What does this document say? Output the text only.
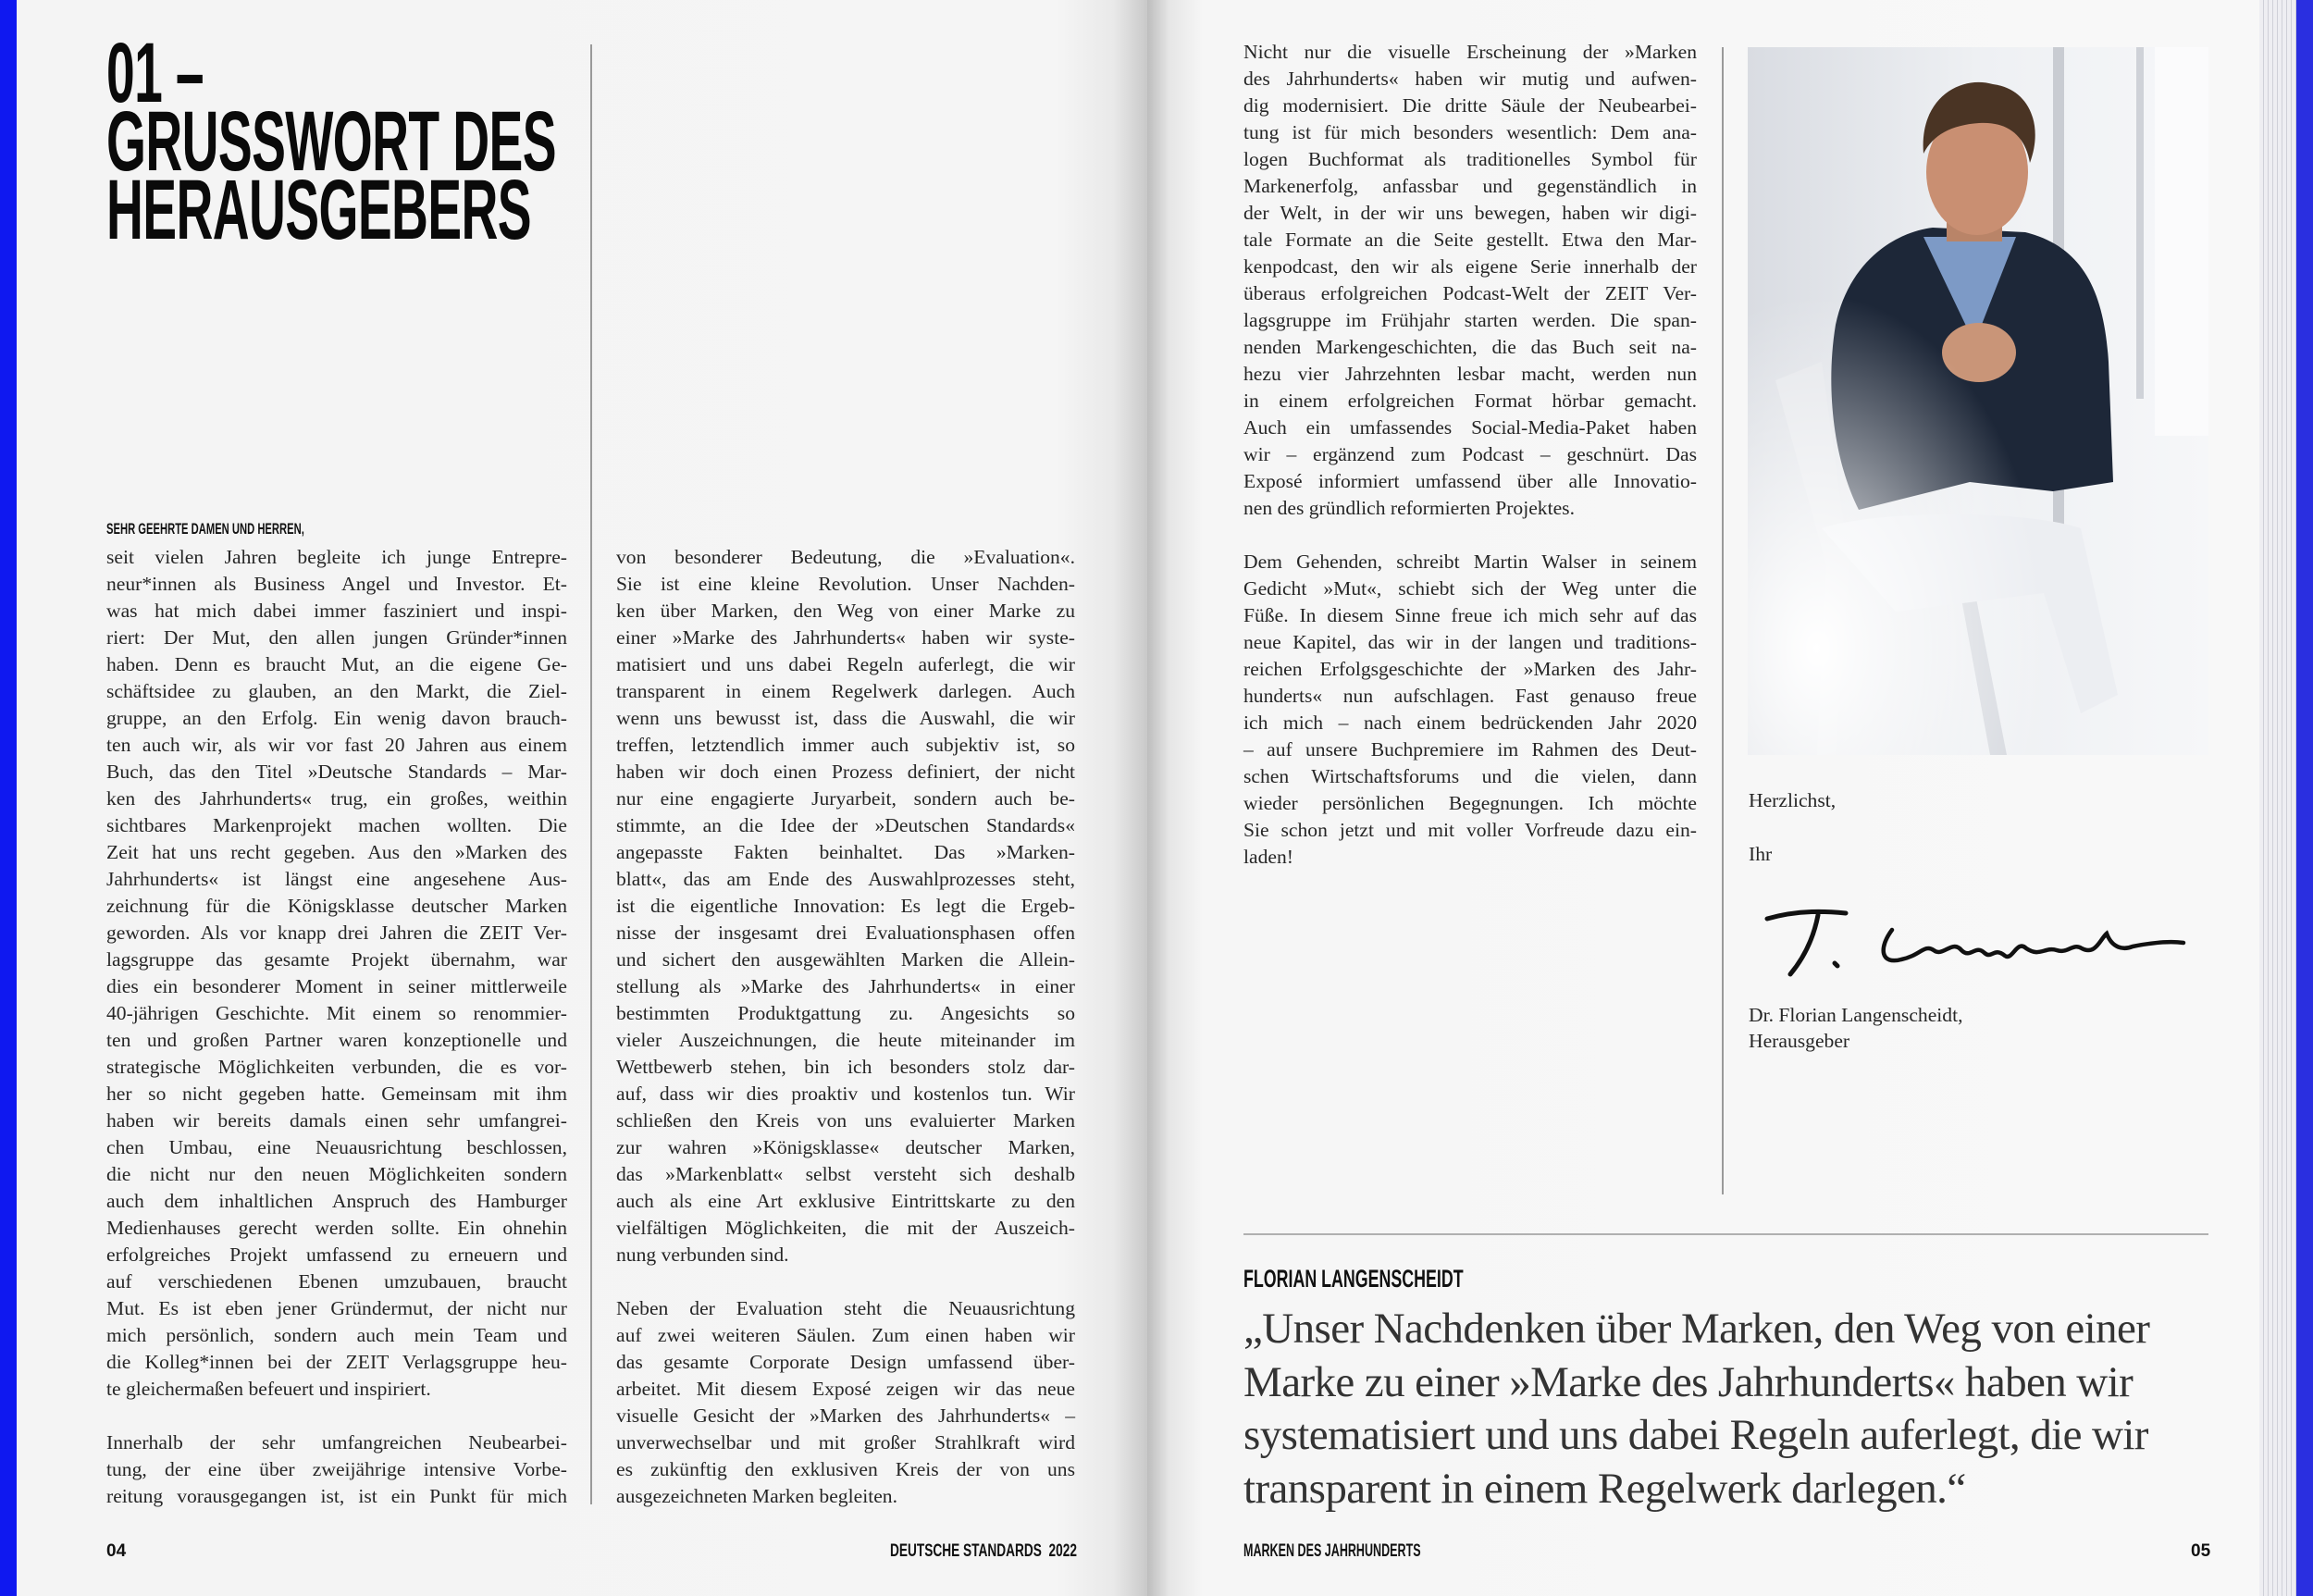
01 –
GRUSSWORT DES
HERAUSGEBERS
SEHR GEEHRTE DAMEN UND HERREN,
seit vielen Jahren begleite ich junge Entrepre-
neur*innen als Business Angel und Investor. Et-
was hat mich dabei immer fasziniert und inspi-
riert: Der Mut, den allen jungen Gründer*innen
haben. Denn es braucht Mut, an die eigene Ge-
schäftsidee zu glauben, an den Markt, die Ziel-
gruppe, an den Erfolg. Ein wenig davon brauch-
ten auch wir, als wir vor fast 20 Jahren aus einem
Buch, das den Titel »Deutsche Standards – Mar-
ken des Jahrhunderts« trug, ein großes, weithin
sichtbares Markenprojekt machen wollten. Die
Zeit hat uns recht gegeben. Aus den »Marken des
Jahrhunderts« ist längst eine angesehene Aus-
zeichnung für die Königsklasse deutscher Marken
geworden. Als vor knapp drei Jahren die ZEIT Ver-
lagsgruppe das gesamte Projekt übernahm, war
dies ein besonderer Moment in seiner mittlerweile
40-jährigen Geschichte. Mit einem so renommier-
ten und großen Partner waren konzeptionelle und
strategische Möglichkeiten verbunden, die es vor-
her so nicht gegeben hatte. Gemeinsam mit ihm
haben wir bereits damals einen sehr umfangrei-
chen Umbau, eine Neuausrichtung beschlossen,
die nicht nur den neuen Möglichkeiten sondern
auch dem inhaltlichen Anspruch des Hamburger
Medienhauses gerecht werden sollte. Ein ohnehin
erfolgreiches Projekt umfassend zu erneuern und
auf verschiedenen Ebenen umzubauen, braucht
Mut. Es ist eben jener Gründermut, der nicht nur
mich persönlich, sondern auch mein Team und
die Kolleg*innen bei der ZEIT Verlagsgruppe heu-
te gleichermaßen befeuert und inspiriert.
Innerhalb der sehr umfangreichen Neubearbei-
tung, der eine über zweijährige intensive Vorbe-
reitung vorausgegangen ist, ist ein Punkt für mich
von besonderer Bedeutung, die »Evaluation«.
Sie ist eine kleine Revolution. Unser Nachden-
ken über Marken, den Weg von einer Marke zu
einer »Marke des Jahrhunderts« haben wir syste-
matisiert und uns dabei Regeln auferlegt, die wir
transparent in einem Regelwerk darlegen. Auch
wenn uns bewusst ist, dass die Auswahl, die wir
treffen, letztendlich immer auch subjektiv ist, so
haben wir doch einen Prozess definiert, der nicht
nur eine engagierte Juryarbeit, sondern auch be-
stimmte, an die Idee der »Deutschen Standards«
angepasste Fakten beinhaltet. Das »Marken-
blatt«, das am Ende des Auswahlprozesses steht,
ist die eigentliche Innovation: Es legt die Ergeb-
nisse der insgesamt drei Evaluationsphasen offen
und sichert den ausgewählten Marken die Allein-
stellung als »Marke des Jahrhunderts« in einer
bestimmten Produktgattung zu. Angesichts so
vieler Auszeichnungen, die heute miteinander im
Wettbewerb stehen, bin ich besonders stolz dar-
auf, dass wir dies proaktiv und kostenlos tun. Wir
schließen den Kreis von uns evaluierter Marken
zur wahren »Königsklasse« deutscher Marken,
das »Markenblatt« selbst versteht sich deshalb
auch als eine Art exklusive Eintrittskarte zu den
vielfältigen Möglichkeiten, die mit der Auszeich-
nung verbunden sind.
Neben der Evaluation steht die Neuausrichtung
auf zwei weiteren Säulen. Zum einen haben wir
das gesamte Corporate Design umfassend über-
arbeitet. Mit diesem Exposé zeigen wir das neue
visuelle Gesicht der »Marken des Jahrhunderts« –
unverwechselbar und mit großer Strahlkraft wird
es zukünftig den exklusiven Kreis der von uns
ausgezeichneten Marken begleiten.
04	DEUTSCHE STANDARDS  2022
Nicht nur die visuelle Erscheinung der »Marken
des Jahrhunderts« haben wir mutig und aufwen-
dig modernisiert. Die dritte Säule der Neubearbei-
tung ist für mich besonders wesentlich: Dem ana-
logen Buchformat als traditionelles Symbol für
Markenerfolg, anfassbar und gegenständlich in
der Welt, in der wir uns bewegen, haben wir digi-
tale Formate an die Seite gestellt. Etwa den Mar-
kenpodcast, den wir als eigene Serie innerhalb der
überaus erfolgreichen Podcast-Welt der ZEIT Ver-
lagsgruppe im Frühjahr starten werden. Die span-
nenden Markengeschichten, die das Buch seit na-
hezu vier Jahrzehnten lesbar macht, werden nun
in einem erfolgreichen Format hörbar gemacht.
Auch ein umfassendes Social-Media-Paket haben
wir – ergänzend zum Podcast – geschnürt. Das
Exposé informiert umfassend über alle Innovatio-
nen des gründlich reformierten Projektes.
Dem Gehenden, schreibt Martin Walser in seinem
Gedicht »Mut«, schiebt sich der Weg unter die
Füße. In diesem Sinne freue ich mich sehr auf das
neue Kapitel, das wir in der langen und traditions-
reichen Erfolgsgeschichte der »Marken des Jahr-
hunderts« nun aufschlagen. Fast genauso freue
ich mich – nach einem bedrückenden Jahr 2020
– auf unsere Buchpremiere im Rahmen des Deut-
schen Wirtschaftsforums und die vielen, dann
wieder persönlichen Begegnungen. Ich möchte
Sie schon jetzt und mit voller Vorfreude dazu ein-
laden!
Herzlichst,
Ihr
Dr. Florian Langenscheidt,
Herausgeber
FLORIAN LANGENSCHEIDT
„Unser Nachdenken über Marken, den Weg von einer
Marke zu einer »Marke des Jahrhunderts« haben wir
systematisiert und uns dabei Regeln auferlegt, die wir
transparent in einem Regelwerk darlegen.“
MARKEN DES JAHRHUNDERTS	05
